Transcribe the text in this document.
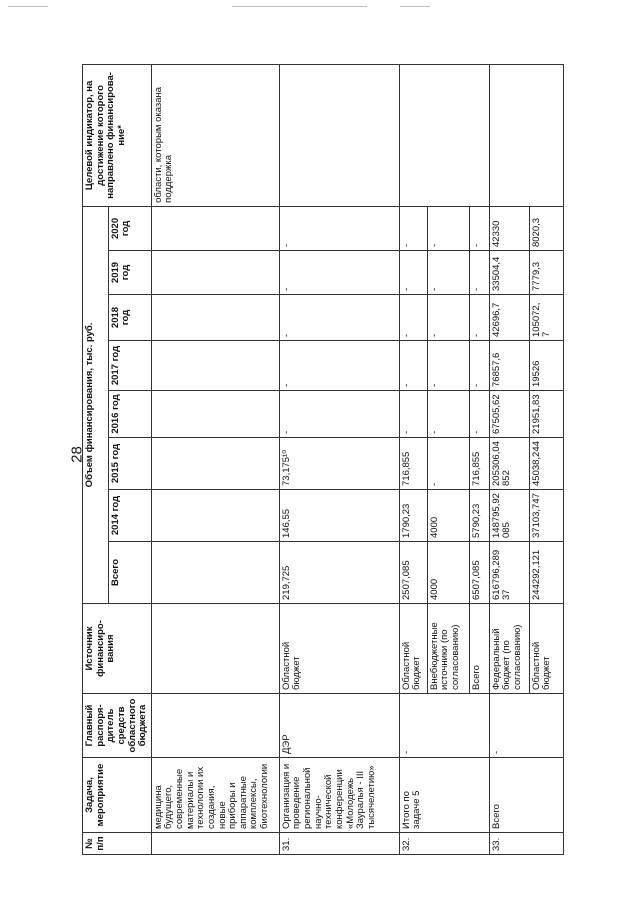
28
№ п/п	Задача, мероприятие	Главный распоря-дитель средств областного бюджета	Источник финансиро-вания	Объем финансирования, тыс. руб.								Целевой индикатор, на достижение которого направлено финансирова-ние*
				Всего	2014 год	2015 год	2016 год	2017 год	2018 год	2019 год	2020 год	
	медицина будущего, современные материалы и технологии их создания, новые приборы и аппаратные комплексы, биотехнологии											области, которым оказана поддержка
31.	Организация и проведение региональной научно-технической конференции «Молодежь Зауралья - III тысячелетию»	ДЭР	Областной бюджет	219,725	146,55	73,175¹⁰	-	-	-	-	-	
32.	Итого по задаче 5	-	Областной бюджет	2507,085	1790,23	716,855	-	-	-	-	-	
			Внебюджетные источники (по согласованию)	4000	4000	-	-	-	-	-	-	
			Всего	6507,085	5790,23	716,855	-	-	-	-	-	
33.	Всего	-	Федеральный бюджет (по согласованию)	616796,28937	148795,92085	205306,04852	67505,62	76857,6	42696,7	33504,4	42330	
			Областной бюджет	244292,121	37103,747	45038,244	21951,83	19526	105072,7	7779,3	8020,3	
